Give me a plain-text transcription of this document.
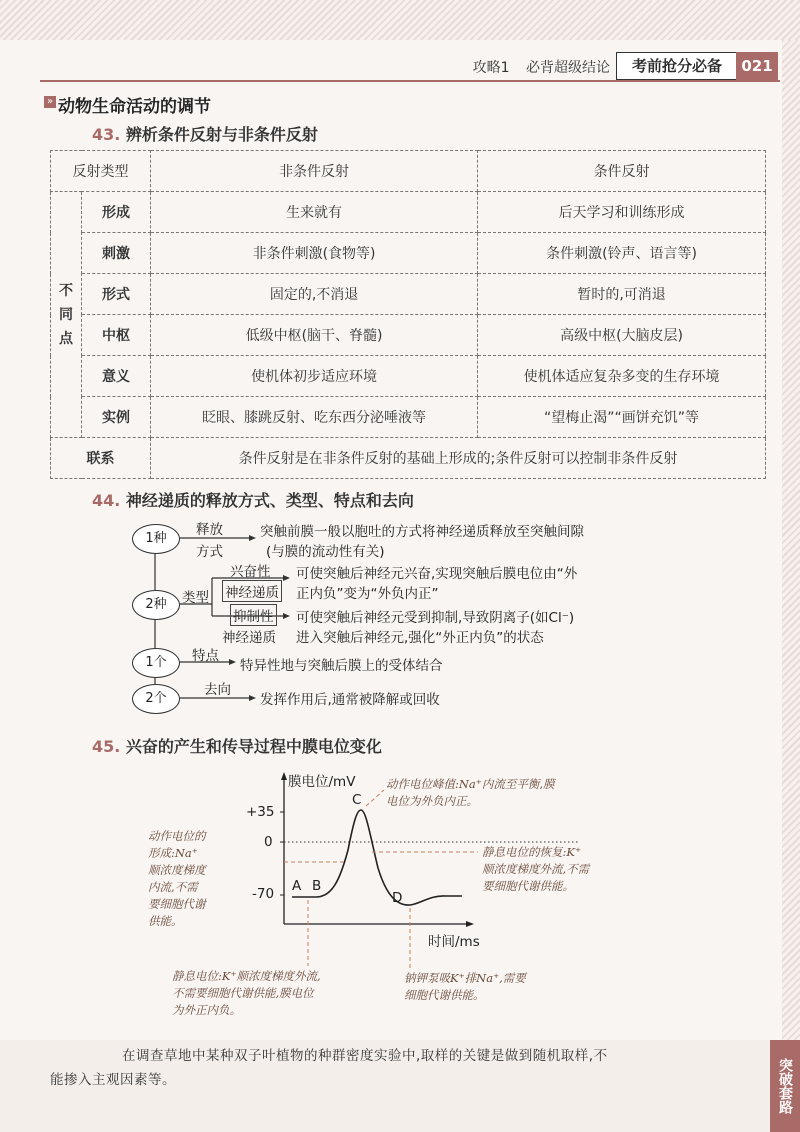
攻略1 必背超级结论	考前抢分必备	021
» 动物生命活动的调节
43. 辨析条件反射与非条件反射
反射类型		非条件反射	条件反射
不
同
点	形成	生来就有	后天学习和训练形成
	刺激	非条件刺激(食物等)	条件刺激(铃声、语言等)
	形式	固定的,不消退	暂时的,可消退
	中枢	低级中枢(脑干、脊髓)	高级中枢(大脑皮层)
	意义	使机体初步适应环境	使机体适应复杂多变的生存环境
	实例	眨眼、膝跳反射、吃东西分泌唾液等	“望梅止渴”“画饼充饥”等
联系		条件反射是在非条件反射的基础上形成的;条件反射可以控制非条件反射	
44. 神经递质的释放方式、类型、特点和去向
1种
2种
1个
2个
释放
方式
突触前膜一般以胞吐的方式将神经递质释放至突触间隙
(与膜的流动性有关)
类型
兴奋性
神经递质
可使突触后神经元兴奋,实现突触后膜电位由“外
正内负”变为“外负内正”
抑制性
神经递质
可使突触后神经元受到抑制,导致阴离子(如Cl⁻)
进入突触后神经元,强化“外正内负”的状态
特点
特异性地与突触后膜上的受体结合
去向
发挥作用后,通常被降解或回收
45. 兴奋的产生和传导过程中膜电位变化
膜电位/mV
时间/ms
+35
0
-70 A B
C
D
动作电位峰值:Na⁺内流至平衡,膜
电位为外负内正。
动作电位的
形成:Na⁺
顺浓度梯度
内流,不需
要细胞代谢
供能。
静息电位的恢复:K⁺
顺浓度梯度外流,不需
要细胞代谢供能。
静息电位:K⁺顺浓度梯度外流,
不需要细胞代谢供能,膜电位
为外正内负。
钠钾泵吸K⁺排Na⁺,需要
细胞代谢供能。
在调查草地中某种双子叶植物的种群密度实验中,取样的关键是做到随机取样,不
能掺入主观因素等。	突破套路
